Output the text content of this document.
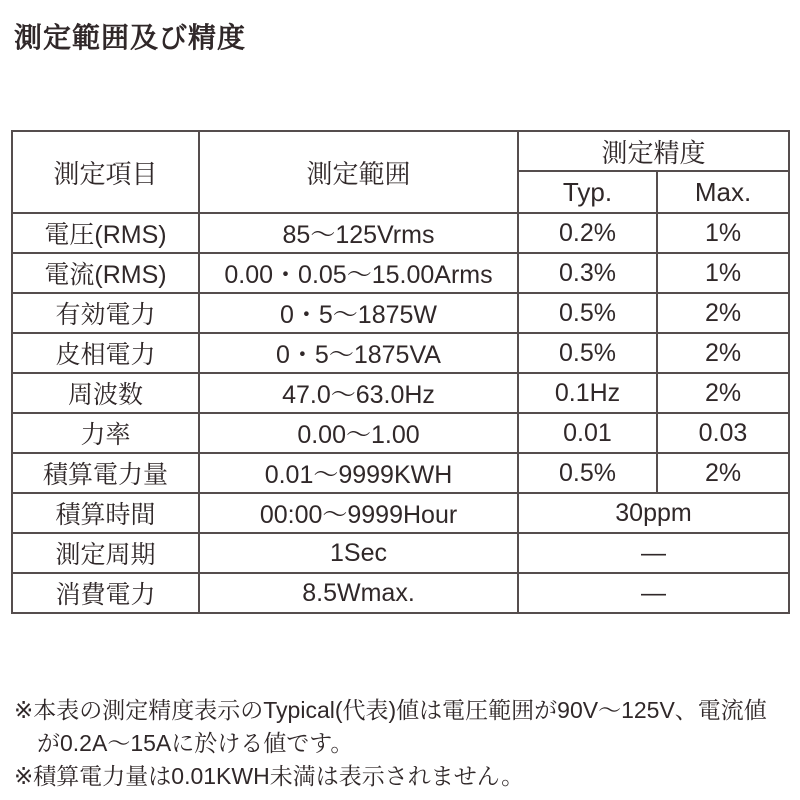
測定範囲及び精度
測定項目	測定範囲	測定精度	
		Typ.	Max.
電圧(RMS)	85〜125Vrms	0.2%	1%
電流(RMS)	0.00・0.05〜15.00Arms	0.3%	1%
有効電力	0・5〜1875W	0.5%	2%
皮相電力	0・5〜1875VA	0.5%	2%
周波数	47.0〜63.0Hz	0.1Hz	2%
力率	0.00〜1.00	0.01	0.03
積算電力量	0.01〜9999KWH	0.5%	2%
積算時間	00:00〜9999Hour	30ppm	
測定周期	1Sec	―	
消費電力	8.5Wmax.	―	
※本表の測定精度表示のTypical(代表)値は電圧範囲が90V〜125V、電流値が0.2A〜15Aに於ける値です。
※積算電力量は0.01KWH未満は表示されません。
